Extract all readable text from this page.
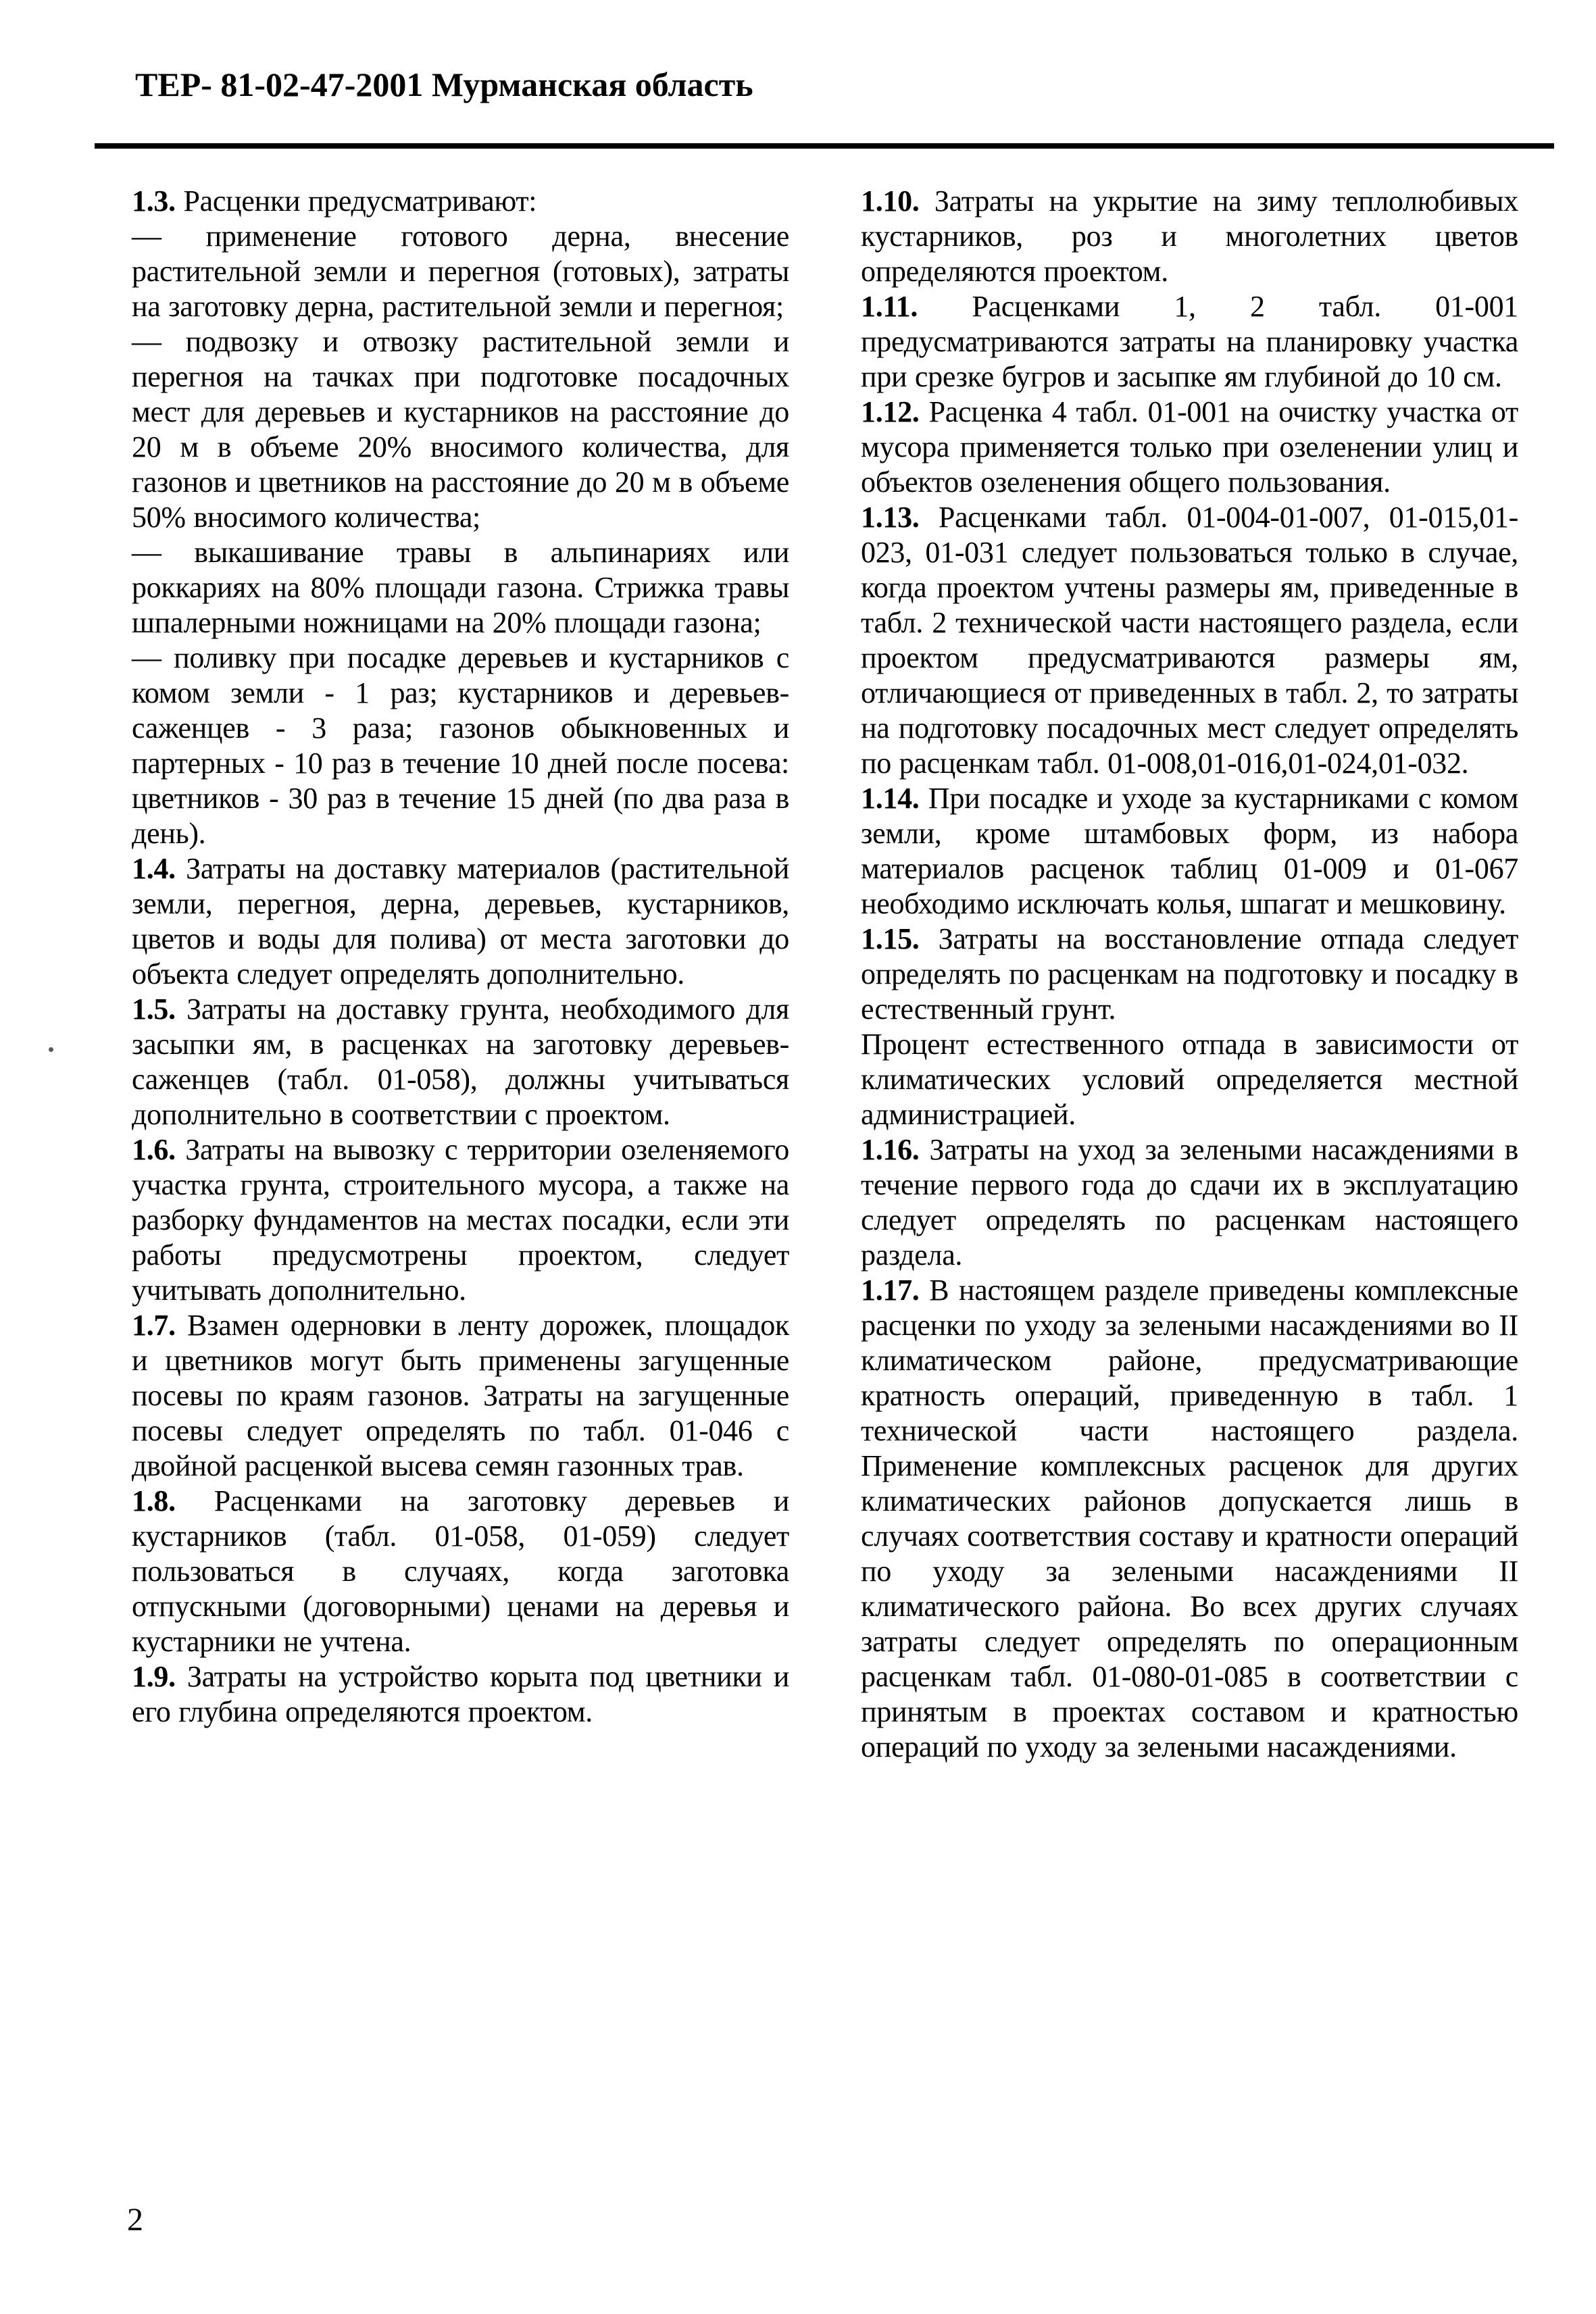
ТЕР- 81-02-47-2001 Мурманская область

1.3. Расценки предусматривают:

— применение готового дерна, внесение растительной земли и перегноя (готовых), затраты на заготовку дерна, растительной земли и перегноя;

— подвозку и отвозку растительной земли и перегноя на тачках при подготовке посадочных мест для деревьев и кустарников на расстояние до 20 м в объеме 20% вносимого количества, для газонов и цветников на расстояние до 20 м в объеме 50% вносимого количества;

— выкашивание травы в альпинариях или роккариях на 80% площади газона. Стрижка травы шпалерными ножницами на 20% площади газона;

— поливку при посадке деревьев и кустарников с комом земли - 1 раз; кустарников и деревьев-саженцев - 3 раза; газонов обыкновенных и партерных - 10 раз в течение 10 дней после посева: цветников - 30 раз в течение 15 дней (по два раза в день).

1.4. Затраты на доставку материалов (растительной земли, перегноя, дерна, деревьев, кустарников, цветов и воды для полива) от места заготовки до объекта следует определять дополнительно.

1.5. Затраты на доставку грунта, необходимого для засыпки ям, в расценках на заготовку деревьев-саженцев (табл. 01-058), должны учитываться дополнительно в соответствии с проектом.

1.6. Затраты на вывозку с территории озеленяемого участка грунта, строительного мусора, а также на разборку фундаментов на местах посадки, если эти работы предусмотрены проектом, следует учитывать дополнительно.

1.7. Взамен одерновки в ленту дорожек, площадок и цветников могут быть применены загущенные посевы по краям газонов. Затраты на загущенные посевы следует определять по табл. 01-046 с двойной расценкой высева семян газонных трав.

1.8. Расценками на заготовку деревьев и кустарников (табл. 01-058, 01-059) следует пользоваться в случаях, когда заготовка отпускными (договорными) ценами на деревья и кустарники не учтена.

1.9. Затраты на устройство корыта под цветники и его глубина определяются проектом.

1.10. Затраты на укрытие на зиму теплолюбивых кустарников, роз и многолетних цветов определяются проектом.

1.11. Расценками 1, 2 табл. 01-001 предусматриваются затраты на планировку участка при срезке бугров и засыпке ям глубиной до 10 см.

1.12. Расценка 4 табл. 01-001 на очистку участка от мусора применяется только при озеленении улиц и объектов озеленения общего пользования.

1.13. Расценками табл. 01-004-01-007, 01-015,01-023, 01-031 следует пользоваться только в случае, когда проектом учтены размеры ям, приведенные в табл. 2 технической части настоящего раздела, если проектом предусматриваются размеры ям, отличающиеся от приведенных в табл. 2, то затраты на подготовку посадочных мест следует определять по расценкам табл. 01-008,01-016,01-024,01-032.

1.14. При посадке и уходе за кустарниками с комом земли, кроме штамбовых форм, из набора материалов расценок таблиц 01-009 и 01-067 необходимо исключать колья, шпагат и мешковину.

1.15. Затраты на восстановление отпада следует определять по расценкам на подготовку и посадку в естественный грунт.

Процент естественного отпада в зависимости от климатических условий определяется местной администрацией.

1.16. Затраты на уход за зелеными насаждениями в течение первого года до сдачи их в эксплуатацию следует определять по расценкам настоящего раздела.

1.17. В настоящем разделе приведены комплексные расценки по уходу за зелеными насаждениями во II климатическом районе, предусматривающие кратность операций, приведенную в табл. 1 технической части настоящего раздела. Применение комплексных расценок для других климатических районов допускается лишь в случаях соответствия составу и кратности операций по уходу за зелеными насаждениями II климатического района. Во всех других случаях затраты следует определять по операционным расценкам табл. 01-080-01-085 в соответствии с принятым в проектах составом и кратностью операций по уходу за зелеными насаждениями.

2
